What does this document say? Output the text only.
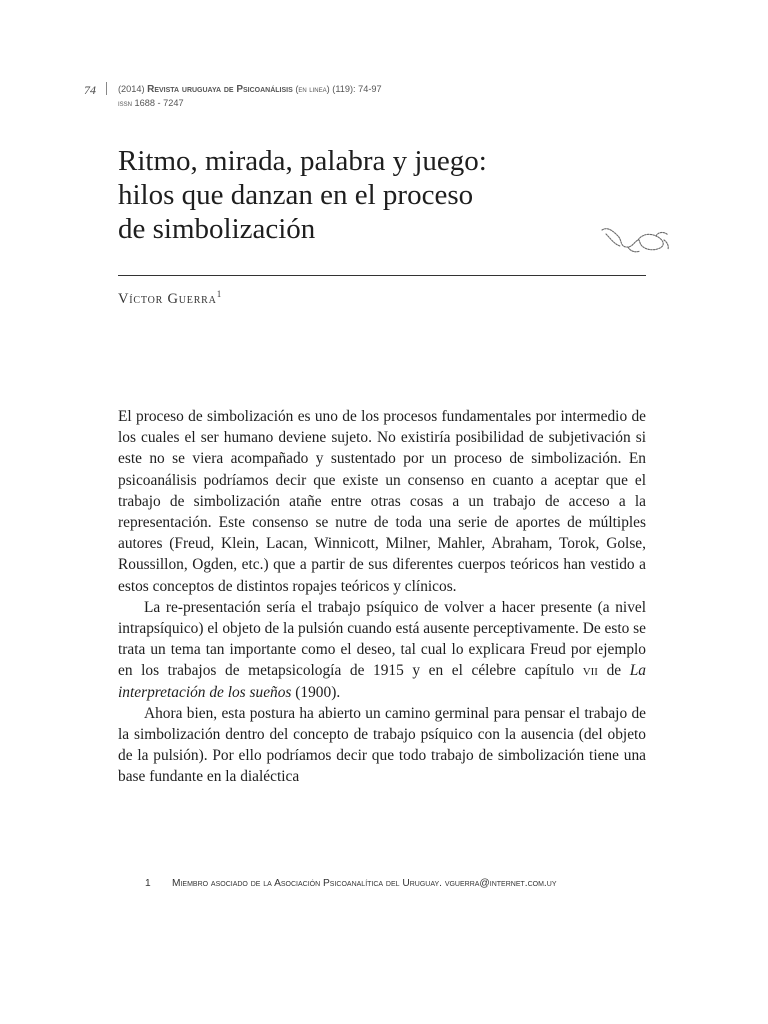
74 (2014) Revista uruguaya de Psicoanálisis (en linea) (119): 74-97
issn 1688 - 7247
Ritmo, mirada, palabra y juego:
hilos que danzan en el proceso
de simbolización
Víctor Guerra$^1$

El proceso de simbolización es uno de los procesos fundamentales por intermedio de los cuales el ser humano deviene sujeto. No existiría posibilidad de subjetivación si este no se viera acompañado y sustentado por un proceso de simbolización. En psicoanálisis podríamos decir que existe un consenso en cuanto a aceptar que el trabajo de simbolización atañe entre otras cosas a un trabajo de acceso a la representación. Este consenso se nutre de toda una serie de aportes de múltiples autores (Freud, Klein, Lacan, Winnicott, Milner, Mahler, Abraham, Torok, Golse, Roussillon, Ogden, etc.) que a partir de sus diferentes cuerpos teóricos han vestido a estos conceptos de distintos ropajes teóricos y clínicos.

La re-presentación sería el trabajo psíquico de volver a hacer presente (a nivel intrapsíquico) el objeto de la pulsión cuando está ausente perceptivamente. De esto se trata un tema tan importante como el deseo, tal cual lo explicara Freud por ejemplo en los trabajos de metapsicología de 1915 y en el célebre capítulo vii de La interpretación de los sueños (1900).

Ahora bien, esta postura ha abierto un camino germinal para pensar el trabajo de la simbolización dentro del concepto de trabajo psíquico con la ausencia (del objeto de la pulsión). Por ello podríamos decir que todo trabajo de simbolización tiene una base fundante en la dialéctica

1 Miembro asociado de la Asociación Psicoanalítica del Uruguay. vguerra@internet.com.uy
